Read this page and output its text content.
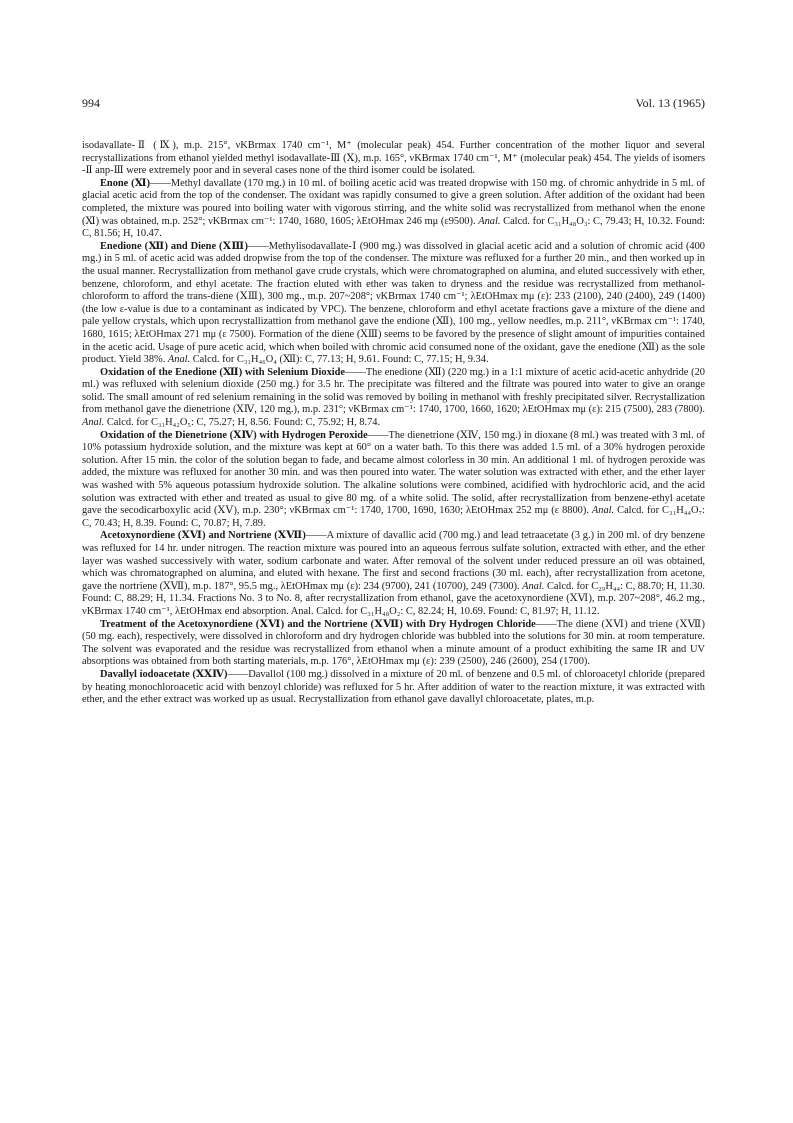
994	Vol. 13 (1965)

isodavallate-Ⅱ (Ⅸ), m.p. 215°, νKBrmax 1740 cm⁻¹, M⁺ (molecular peak) 454. Further concentration of the mother liquor and several recrystallizations from ethanol yielded methyl isodavallate-Ⅲ (Ⅹ), m.p. 165°, νKBrmax 1740 cm⁻¹, M⁺ (molecular peak) 454. The yields of isomers -Ⅱ anp-Ⅲ were extremely poor and in several cases none of the third isomer could be isolated.

Enone (Ⅺ)——Methyl davallate (170 mg.) in 10 ml. of boiling acetic acid was treated dropwise with 150 mg. of chromic anhydride in 5 ml. of glacial acetic acid from the top of the condenser. The oxidant was rapidly consumed to give a green solution. After addition of the oxidant had been completed, the mixture was poured into boiling water with vigorous stirring, and the white solid was recrystallized from methanol when the enone (Ⅺ) was obtained, m.p. 252°; νKBrmax cm⁻¹: 1740, 1680, 1605; λEtOHmax 246 mμ (ε9500). Anal. Calcd. for C₃₁H₄₈O₃: C, 79.43; H, 10.32. Found: C, 81.56; H, 10.47.

Enedione (Ⅻ) and Diene (ⅩⅢ)——Methylisodavallate-Ⅰ (900 mg.) was dissolved in glacial acetic acid and a solution of chromic acid (400 mg.) in 5 ml. of acetic acid was added dropwise from the top of the condenser. The mixture was refluxed for a further 20 min., and then worked up in the usual manner. Recrystallization from methanol gave crude crystals, which were chromatographed on alumina, and eluted successively with ether, benzene, chloroform, and ethyl acetate. The fraction eluted with ether was taken to dryness and the residue was recrystallized from methanol-chloroform to afford the trans-diene (ⅩⅢ), 300 mg., m.p. 207~208°; νKBrmax 1740 cm⁻¹; λEtOHmax mμ (ε): 233 (2100), 240 (2400), 249 (1400) (the low ε-value is due to a contaminant as indicated by VPC). The benzene, chloroform and ethyl acetate fractions gave a mixture of the diene and pale yellow crystals, which upon recrystallizattion from methanol gave the endione (Ⅻ), 100 mg., yellow needles, m.p. 211°, νKBrmax cm⁻¹: 1740, 1680, 1615; λEtOHmax 271 mμ (ε 7500). Formation of the diene (ⅩⅢ) seems to be favored by the presence of slight amount of impurities contained in the acetic acid. Usage of pure acetic acid, which when boiled with chromic acid consumed none of the oxidant, gave the enedione (Ⅻ) as the sole product. Yield 38%. Anal. Calcd. for C₃₁H₄₆O₄ (Ⅻ): C, 77.13; H, 9.61. Found: C, 77.15; H, 9.34.

Oxidation of the Enedione (Ⅻ) with Selenium Dioxide——The enedione (Ⅻ) (220 mg.) in a 1:1 mixture of acetic acid-acetic anhydride (20 ml.) was refluxed with selenium dioxide (250 mg.) for 3.5 hr. The precipitate was filtered and the filtrate was poured into water to give an orange solid. The small amount of red selenium remaining in the solid was removed by boiling in methanol with freshly precipitated silver. Recrystallization from methanol gave the dienetrione (ⅩⅣ, 120 mg.), m.p. 231°; νKBrmax cm⁻¹: 1740, 1700, 1660, 1620; λEtOHmax mμ (ε): 215 (7500), 283 (7800). Anal. Calcd. for C₃₁H₄₂O₅: C, 75.27; H, 8.56. Found: C, 75.92; H, 8.74.

Oxidation of the Dienetrione (ⅩⅣ) with Hydrogen Peroxide——The dienetrione (ⅩⅣ, 150 mg.) in dioxane (8 ml.) was treated with 3 ml. of 10% potassium hydroxide solution, and the mixture was kept at 60° on a water bath. To this there was added 1.5 ml. of a 30% hydrogen peroxide solution. After 15 min. the color of the solution began to fade, and became almost colorless in 30 min. An additional 1 ml. of hydrogen peroxide was added, the mixture was refluxed for another 30 min. and was then poured into water. The water solution was extracted with ether, and the ether layer was washed with 5% aqueous potassium hydroxide solution. The alkaline solutions were combined, acidified with hydrochloric acid, and the acid solution was extracted with ether and treated as usual to give 80 mg. of a white solid. The solid, after recrystallization from benzene-ethyl acetate gave the secodicarboxylic acid (ⅩⅤ), m.p. 230°; νKBrmax cm⁻¹: 1740, 1700, 1690, 1630; λEtOHmax 252 mμ (ε 8800). Anal. Calcd. for C₃₁H₄₄O₇: C, 70.43; H, 8.39. Found: C, 70.87; H, 7.89.

Acetoxynordiene (ⅩⅥ) and Nortriene (ⅩⅦ)——A mixture of davallic acid (700 mg.) and lead tetraacetate (3 g.) in 200 ml. of dry benzene was refluxed for 14 hr. under nitrogen. The reaction mixture was poured into an aqueous ferrous sulfate solution, extracted with ether, and the ether layer was washed successively with water, sodium carbonate and water. After removal of the solvent under reduced pressure an oil was obtained, which was chromatographed on alumina, and eluted with hexane. The first and second fractions (30 ml. each), after recrystallization from acetone, gave the nortriene (ⅩⅦ), m.p. 187°, 95.5 mg., λEtOHmax mμ (ε): 234 (9700), 241 (10700), 249 (7300). Anal. Calcd. for C₂₉H₄₄: C, 88.70; H, 11.30. Found: C, 88.29; H, 11.34. Fractions No. 3 to No. 8, after recrystallization from ethanol, gave the acetoxynordiene (ⅩⅥ), m.p. 207~208°, 46.2 mg., νKBrmax 1740 cm⁻¹, λEtOHmax end absorption. Anal. Calcd. for C₃₁H₄₈O₂: C, 82.24; H, 10.69. Found: C, 81.97; H, 11.12.

Treatment of the Acetoxynordiene (ⅩⅥ) and the Nortriene (ⅩⅦ) with Dry Hydrogen Chloride——The diene (ⅩⅥ) and triene (ⅩⅦ) (50 mg. each), respectively, were dissolved in chloroform and dry hydrogen chloride was bubbled into the solutions for 30 min. at room temperature. The solvent was evaporated and the residue was recrystallized from ethanol when a minute amount of a product exhibiting the same IR and UV absorptions was obtained from both starting materials, m.p. 176°, λEtOHmax mμ (ε): 239 (2500), 246 (2600), 254 (1700).

Davallyl iodoacetate (ⅩⅩⅣ)——Davallol (100 mg.) dissolved in a mixture of 20 ml. of benzene and 0.5 ml. of chloroacetyl chloride (prepared by heating monochloroacetic acid with benzoyl chloride) was refluxed for 5 hr. After addition of water to the reaction mixture, it was extracted with ether, and the ether extract was worked up as usual. Recrystallization from ethanol gave davallyl chloroacetate, plates, m.p.
